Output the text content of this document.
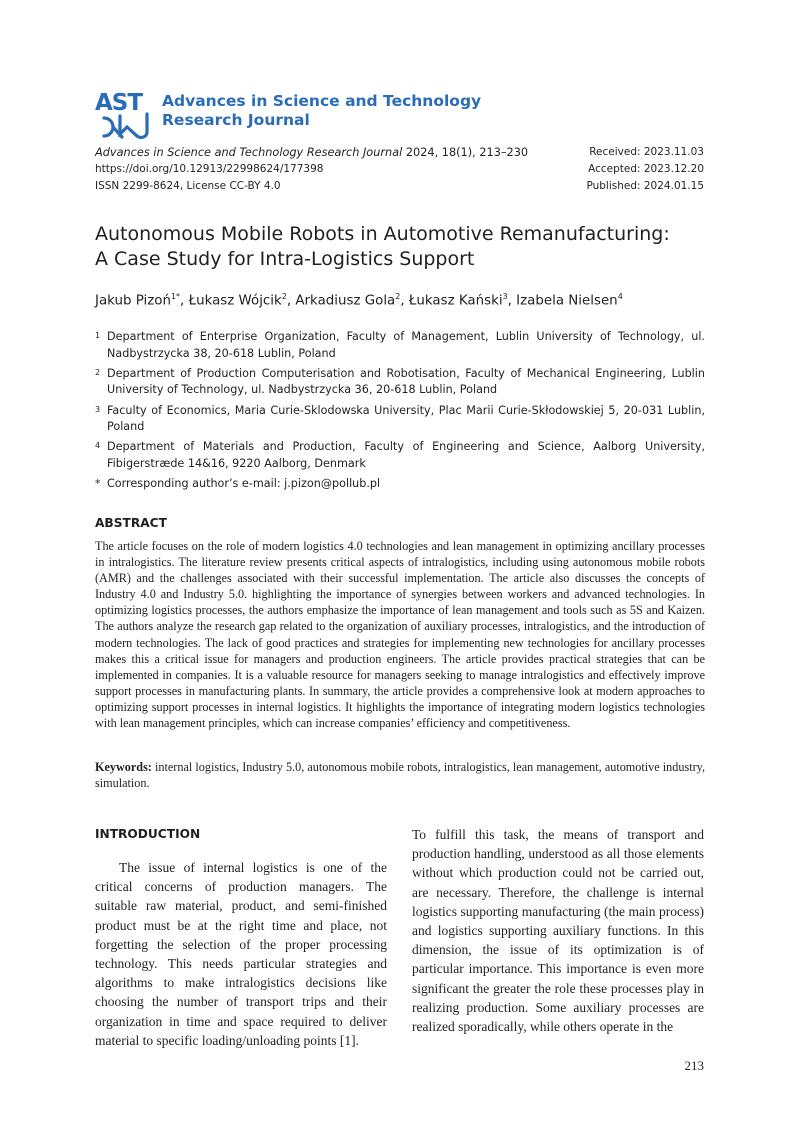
AST Advances in Science and Technology
Research Journal
Advances in Science and Technology Research Journal 2024, 18(1), 213–230
https://doi.org/10.12913/22998624/177398
ISSN 2299-8624, License CC-BY 4.0
Received: 2023.11.03
Accepted: 2023.12.20
Published: 2024.01.15
Autonomous Mobile Robots in Automotive Remanufacturing:
A Case Study for Intra-Logistics Support
Jakub Pizoń$^{1*}$, Łukasz Wójcik$^2$, Arkadiusz Gola$^2$, Łukasz Kański$^3$, Izabela Nielsen$^4$
1 Department of Enterprise Organization, Faculty of Management, Lublin University of Technology, ul. Nadbystrzycka 38, 20-618 Lublin, Poland
2 Department of Production Computerisation and Robotisation, Faculty of Mechanical Engineering, Lublin University of Technology, ul. Nadbystrzycka 36, 20-618 Lublin, Poland
3 Faculty of Economics, Maria Curie-Sklodowska University, Plac Marii Curie-Skłodowskiej 5, 20-031 Lublin, Poland
4 Department of Materials and Production, Faculty of Engineering and Science, Aalborg University, Fibigerstræde 14&16, 9220 Aalborg, Denmark
* Corresponding author’s e-mail: j.pizon@pollub.pl
ABSTRACT

The article focuses on the role of modern logistics 4.0 technologies and lean management in optimizing ancillary processes in intralogistics. The literature review presents critical aspects of intralogistics, including using autonomous mobile robots (AMR) and the challenges associated with their successful implementation. The article also discusses the concepts of Industry 4.0 and Industry 5.0. highlighting the importance of synergies between workers and advanced technologies. In optimizing logistics processes, the authors emphasize the importance of lean management and tools such as 5S and Kaizen. The authors analyze the research gap related to the organization of auxiliary processes, intralogistics, and the introduction of modern technologies. The lack of good practices and strategies for implementing new technologies for ancillary processes makes this a critical issue for managers and production engineers. The article provides practical strategies that can be implemented in companies. It is a valuable resource for managers seeking to manage intralogistics and effectively improve support processes in manufacturing plants. In summary, the article provides a comprehensive look at modern approaches to optimizing support processes in internal logistics. It highlights the importance of integrating modern logistics technologies with lean management principles, which can increase companies’ efficiency and competitiveness.

Keywords: internal logistics, Industry 5.0, autonomous mobile robots, intralogistics, lean management, automotive industry, simulation.

INTRODUCTION

The issue of internal logistics is one of the critical concerns of production managers. The suitable raw material, product, and semi-finished product must be at the right time and place, not forgetting the selection of the proper processing technology. This needs particular strategies and algorithms to make intralogistics decisions like choosing the number of transport trips and their organization in time and space required to deliver material to specific loading/unloading points [1].

To fulfill this task, the means of transport and production handling, understood as all those elements without which production could not be carried out, are necessary. Therefore, the challenge is internal logistics supporting manufacturing (the main process) and logistics supporting auxiliary functions. In this dimension, the issue of its optimization is of particular importance. This importance is even more significant the greater the role these processes play in realizing production. Some auxiliary processes are realized sporadically, while others operate in the

213
